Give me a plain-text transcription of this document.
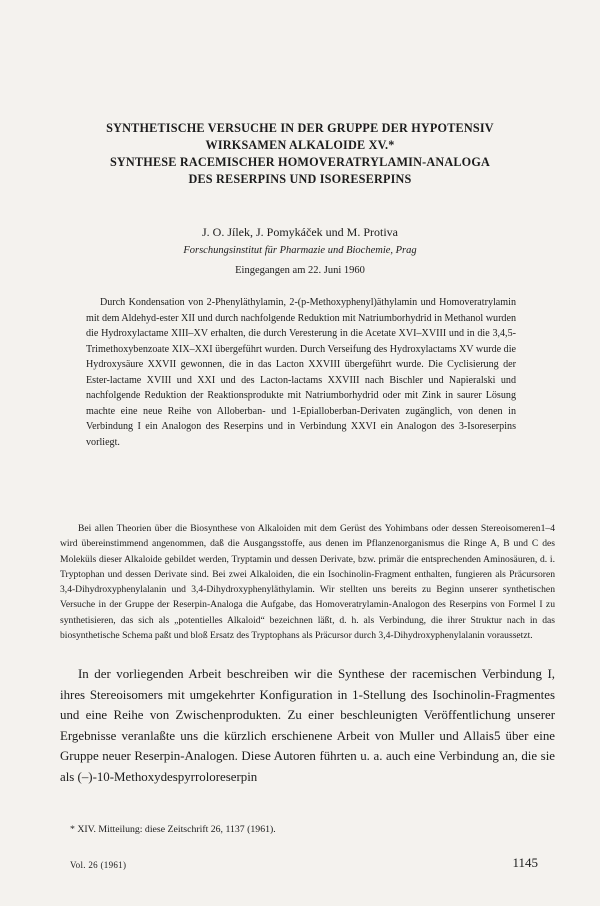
SYNTHETISCHE VERSUCHE IN DER GRUPPE DER HYPOTENSIV
WIRKSAMEN ALKALOIDE XV.*
SYNTHESE RACEMISCHER HOMOVERATRYLAMIN-ANALOGA
DES RESERPINS UND ISORESERPINS
J. O. Jílek, J. Pomykáček und M. Protiva
Forschungsinstitut für Pharmazie und Biochemie, Prag
Eingegangen am 22. Juni 1960

Durch Kondensation von 2-Phenyläthylamin, 2-(p-Methoxyphenyl)äthylamin und Homoveratrylamin mit dem Aldehyd-ester XII und durch nachfolgende Reduktion mit Natriumborhydrid in Methanol wurden die Hydroxylactame XIII–XV erhalten, die durch Veresterung in die Acetate XVI–XVIII und in die 3,4,5-Trimethoxybenzoate XIX–XXI übergeführt wurden. Durch Verseifung des Hydroxylactams XV wurde die Hydroxysäure XXVII gewonnen, die in das Lacton XXVIII übergeführt wurde. Die Cyclisierung der Ester-lactame XVIII und XXI und des Lacton-lactams XXVIII nach Bischler und Napieralski und nachfolgende Reduktion der Reaktionsprodukte mit Natriumborhydrid oder mit Zink in saurer Lösung machte eine neue Reihe von Alloberban- und 1-Epialloberban-Derivaten zugänglich, von denen in Verbindung I ein Analogon des Reserpins und in Verbindung XXVI ein Analogon des 3-Isoreserpins vorliegt.

Bei allen Theorien über die Biosynthese von Alkaloiden mit dem Gerüst des Yohimbans oder dessen Stereoisomeren1–4 wird übereinstimmend angenommen, daß die Ausgangsstoffe, aus denen im Pflanzenorganismus die Ringe A, B und C des Moleküls dieser Alkaloide gebildet werden, Tryptamin und dessen Derivate, bzw. primär die entsprechenden Aminosäuren, d. i. Tryptophan und dessen Derivate sind. Bei zwei Alkaloiden, die ein Isochinolin-Fragment enthalten, fungieren als Präcursoren 3,4-Dihydroxyphenylalanin und 3,4-Dihydroxyphenyläthylamin. Wir stellten uns bereits zu Beginn unserer synthetischen Versuche in der Gruppe der Reserpin-Analoga die Aufgabe, das Homoveratrylamin-Analogon des Reserpins von Formel I zu synthetisieren, das sich als „potentielles Alkaloid“ bezeichnen läßt, d. h. als Verbindung, die ihrer Struktur nach in das biosynthetische Schema paßt und bloß Ersatz des Tryptophans als Präcursor durch 3,4-Dihydroxyphenylalanin voraussetzt.

In der vorliegenden Arbeit beschreiben wir die Synthese der racemischen Verbindung I, ihres Stereoisomers mit umgekehrter Konfiguration in 1-Stellung des Isochinolin-Fragmentes und eine Reihe von Zwischenprodukten. Zu einer beschleunigten Veröffentlichung unserer Ergebnisse veranlaßte uns die kürzlich erschienene Arbeit von Muller und Allais5 über eine Gruppe neuer Reserpin-Analogen. Diese Autoren führten u. a. auch eine Verbindung an, die sie als (–)-10-Methoxydespyrroloreserpin

* XIV. Mitteilung: diese Zeitschrift 26, 1137 (1961).
Vol. 26 (1961)	1145
